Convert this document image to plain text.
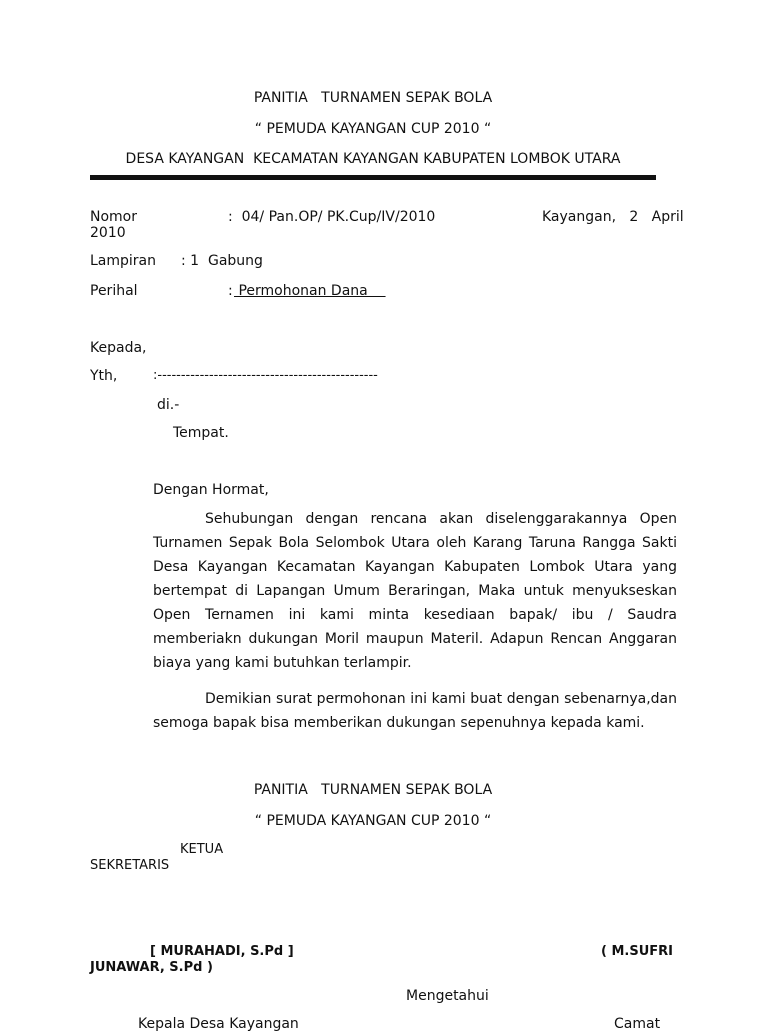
PANITIA   TURNAMEN SEPAK BOLA
“ PEMUDA KAYANGAN CUP 2010 “
DESA KAYANGAN  KECAMATAN KAYANGAN KABUPATEN LOMBOK UTARA
Nomor	:  04/ Pan.OP/ PK.Cup/IV/2010	Kayangan,   2   April
2010
Lampiran : 1  Gabung
Perihal	: Permohonan Dana
Kepada,
Yth,	:-----------------------------------------------
di.-
Tempat.
Dengan Hormat,
Sehubungan dengan rencana akan diselenggarakannya Open Turnamen Sepak Bola Selombok Utara oleh Karang Taruna Rangga Sakti Desa Kayangan Kecamatan Kayangan Kabupaten Lombok Utara yang bertempat di Lapangan Umum Beraringan, Maka untuk menyukseskan Open Ternamen ini kami minta kesediaan bapak/ ibu / Saudra memberiakn dukungan Moril maupun Materil. Adapun Rencan Anggaran biaya yang kami butuhkan terlampir.
Demikian surat permohonan ini kami buat dengan sebenarnya,dan semoga bapak bisa memberikan dukungan sepenuhnya kepada kami.
PANITIA   TURNAMEN SEPAK BOLA
“ PEMUDA KAYANGAN CUP 2010 “
KETUA
SEKRETARIS
[ MURAHADI, S.Pd ]	( M.SUFRI
JUNAWAR, S.Pd )
Mengetahui
Kepala Desa Kayangan	Camat
